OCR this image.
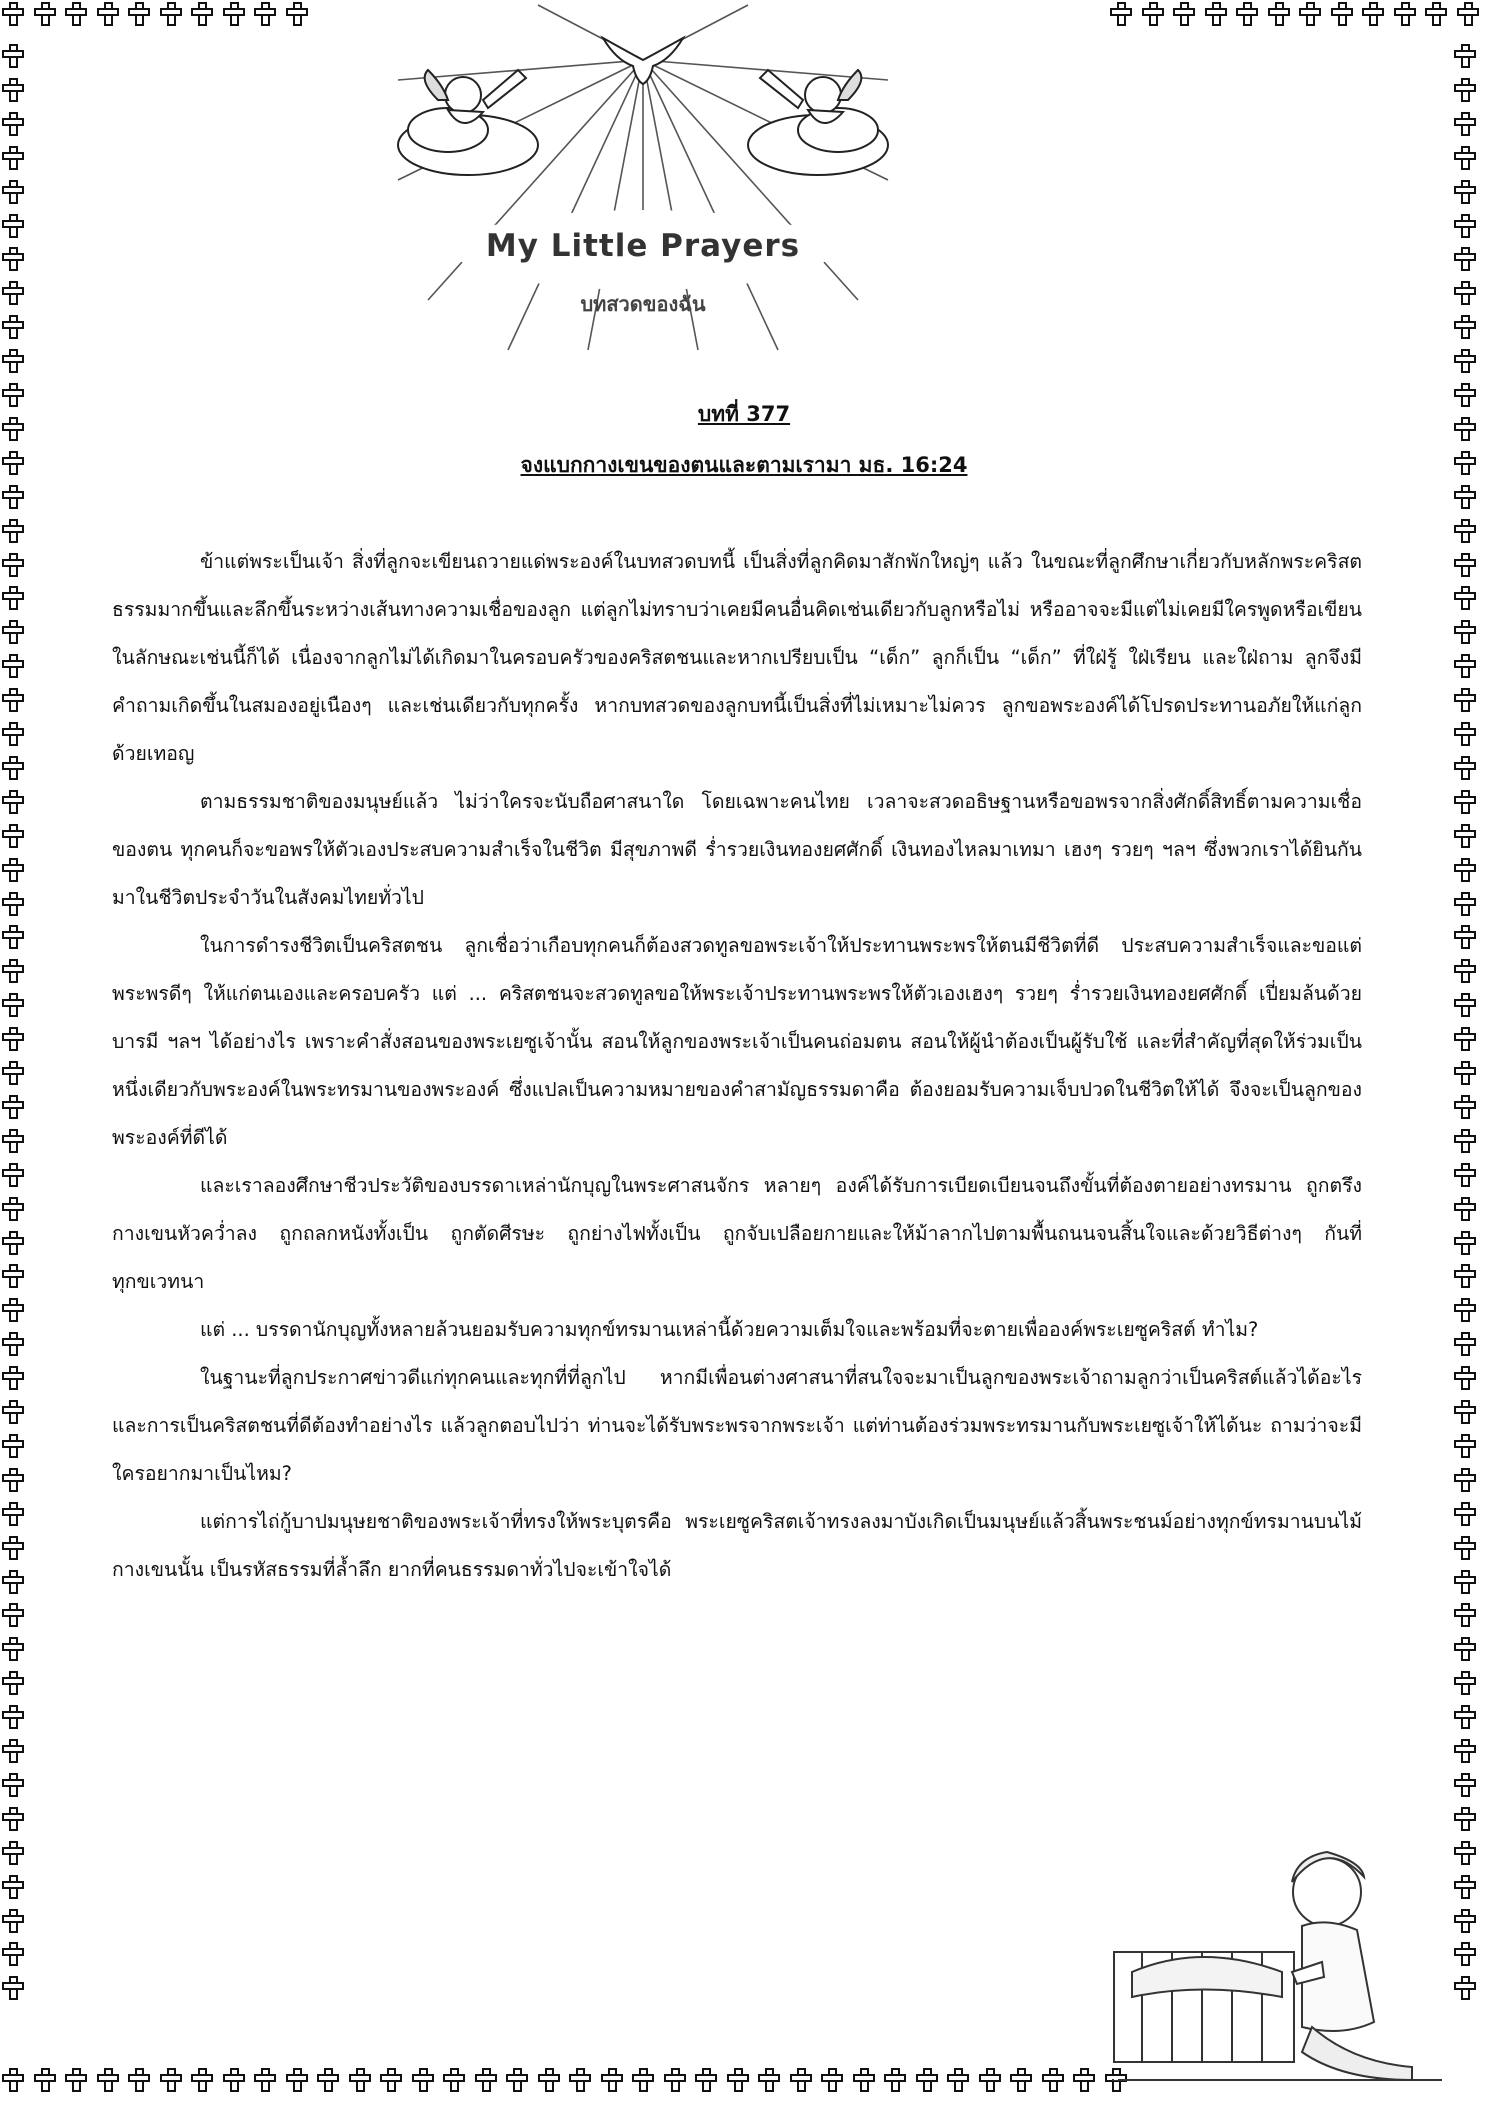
My Little Prayers
บทสวดของฉัน
บทที่ 377
จงแบกกางเขนของตนและตามเรามา มธ. 16:24

ข้าแต่พระเป็นเจ้า สิ่งที่ลูกจะเขียนถวายแด่พระองค์ในบทสวดบทนี้ เป็นสิ่งที่ลูกคิดมาสักพักใหญ่ๆ แล้ว ในขณะที่ลูกศึกษาเกี่ยวกับหลักพระคริสตธรรมมากขึ้นและลึกขึ้นระหว่างเส้นทางความเชื่อของลูก แต่ลูกไม่ทราบว่าเคยมีคนอื่นคิดเช่นเดียวกับลูกหรือไม่ หรืออาจจะมีแต่ไม่เคยมีใครพูดหรือเขียนในลักษณะเช่นนี้ก็ได้ เนื่องจากลูกไม่ได้เกิดมาในครอบครัวของคริสตชนและหากเปรียบเป็น “เด็ก” ลูกก็เป็น “เด็ก” ที่ใฝ่รู้ ใฝ่เรียน และใฝ่ถาม ลูกจึงมีคำถามเกิดขึ้นในสมองอยู่เนืองๆ และเช่นเดียวกับทุกครั้ง หากบทสวดของลูกบทนี้เป็นสิ่งที่ไม่เหมาะไม่ควร ลูกขอพระองค์ได้โปรดประทานอภัยให้แก่ลูกด้วยเทอญ

ตามธรรมชาติของมนุษย์แล้ว ไม่ว่าใครจะนับถือศาสนาใด โดยเฉพาะคนไทย เวลาจะสวดอธิษฐานหรือขอพรจากสิ่งศักดิ์สิทธิ์ตามความเชื่อของตน ทุกคนก็จะขอพรให้ตัวเองประสบความสำเร็จในชีวิต มีสุขภาพดี ร่ำรวยเงินทองยศศักดิ์ เงินทองไหลมาเทมา เฮงๆ รวยๆ ฯลฯ ซึ่งพวกเราได้ยินกันมาในชีวิตประจำวันในสังคมไทยทั่วไป

ในการดำรงชีวิตเป็นคริสตชน ลูกเชื่อว่าเกือบทุกคนก็ต้องสวดทูลขอพระเจ้าให้ประทานพระพรให้ตนมีชีวิตที่ดี ประสบความสำเร็จและขอแต่พระพรดีๆ ให้แก่ตนเองและครอบครัว แต่ ... คริสตชนจะสวดทูลขอให้พระเจ้าประทานพระพรให้ตัวเองเฮงๆ รวยๆ ร่ำรวยเงินทองยศศักดิ์ เปี่ยมล้นด้วยบารมี ฯลฯ ได้อย่างไร เพราะคำสั่งสอนของพระเยซูเจ้านั้น สอนให้ลูกของพระเจ้าเป็นคนถ่อมตน สอนให้ผู้นำต้องเป็นผู้รับใช้ และที่สำคัญที่สุดให้ร่วมเป็นหนึ่งเดียวกับพระองค์ในพระทรมานของพระองค์ ซึ่งแปลเป็นความหมายของคำสามัญธรรมดาคือ ต้องยอมรับความเจ็บปวดในชีวิตให้ได้ จึงจะเป็นลูกของพระองค์ที่ดีได้

และเราลองศึกษาชีวประวัติของบรรดาเหล่านักบุญในพระศาสนจักร หลายๆ องค์ได้รับการเบียดเบียนจนถึงขั้นที่ต้องตายอย่างทรมาน ถูกตรึงกางเขนหัวคว่ำลง ถูกถลกหนังทั้งเป็น ถูกตัดศีรษะ ถูกย่างไฟทั้งเป็น ถูกจับเปลือยกายและให้ม้าลากไปตามพื้นถนนจนสิ้นใจและด้วยวิธีต่างๆ กันที่ทุกขเวทนา

แต่ ... บรรดานักบุญทั้งหลายล้วนยอมรับความทุกข์ทรมานเหล่านี้ด้วยความเต็มใจและพร้อมที่จะตายเพื่อองค์พระเยซูคริสต์ ทำไม?

ในฐานะที่ลูกประกาศข่าวดีแก่ทุกคนและทุกที่ที่ลูกไป หากมีเพื่อนต่างศาสนาที่สนใจจะมาเป็นลูกของพระเจ้าถามลูกว่าเป็นคริสต์แล้วได้อะไร และการเป็นคริสตชนที่ดีต้องทำอย่างไร แล้วลูกตอบไปว่า ท่านจะได้รับพระพรจากพระเจ้า แต่ท่านต้องร่วมพระทรมานกับพระเยซูเจ้าให้ได้นะ ถามว่าจะมีใครอยากมาเป็นไหม?

แต่การไถ่กู้บาปมนุษยชาติของพระเจ้าที่ทรงให้พระบุตรคือ พระเยซูคริสตเจ้าทรงลงมาบังเกิดเป็นมนุษย์แล้วสิ้นพระชนม์อย่างทุกข์ทรมานบนไม้กางเขนนั้น เป็นรหัสธรรมที่ล้ำลึก ยากที่คนธรรมดาทั่วไปจะเข้าใจได้
